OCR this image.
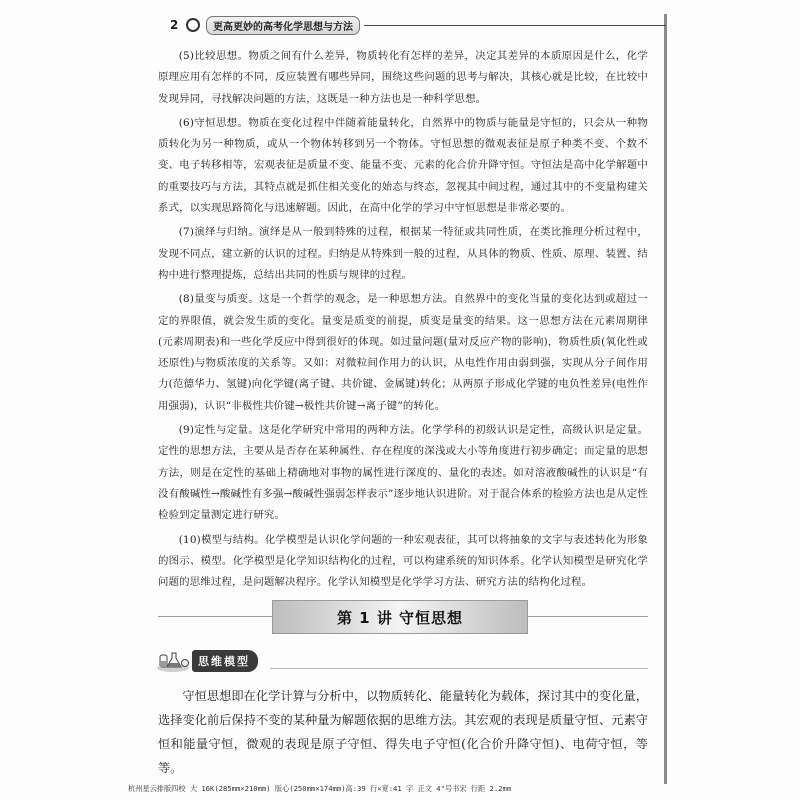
2	更高更妙的高考化学思想与方法

(5)比较思想。物质之间有什么差异，物质转化有怎样的差异，决定其差异的本质原因是什么，化学原理应用有怎样的不同，反应装置有哪些异同，围绕这些问题的思考与解决，其核心就是比较，在比较中发现异同，寻找解决问题的方法，这既是一种方法也是一种科学思想。

(6)守恒思想。物质在变化过程中伴随着能量转化，自然界中的物质与能量是守恒的，只会从一种物质转化为另一种物质，或从一个物体转移到另一个物体。守恒思想的微观表征是原子种类不变、个数不变、电子转移相等，宏观表征是质量不变、能量不变、元素的化合价升降守恒。守恒法是高中化学解题中的重要技巧与方法，其特点就是抓住相关变化的始态与终态，忽视其中间过程，通过其中的不变量构建关系式，以实现思路简化与迅速解题。因此，在高中化学的学习中守恒思想是非常必要的。

(7)演绎与归纳。演绎是从一般到特殊的过程，根据某一特征或共同性质，在类比推理分析过程中，发现不同点，建立新的认识的过程。归纳是从特殊到一般的过程，从具体的物质、性质、原理、装置、结构中进行整理提炼，总结出共同的性质与规律的过程。

(8)量变与质变。这是一个哲学的观念，是一种思想方法。自然界中的变化当量的变化达到或超过一定的界限值，就会发生质的变化。量变是质变的前提，质变是量变的结果。这一思想方法在元素周期律(元素周期表)和一些化学反应中得到很好的体现。如过量问题(量对反应产物的影响)，物质性质(氧化性或还原性)与物质浓度的关系等。又如：对微粒间作用力的认识，从电性作用由弱到强，实现从分子间作用力(范德华力、氢键)向化学键(离子键、共价键、金属键)转化；从两原子形成化学键的电负性差异(电性作用强弱)，认识“非极性共价键→极性共价键→离子键”的转化。

(9)定性与定量。这是化学研究中常用的两种方法。化学学科的初级认识是定性，高级认识是定量。定性的思想方法，主要从是否存在某种属性、存在程度的深浅或大小等角度进行初步确定；而定量的思想方法，则是在定性的基础上精确地对事物的属性进行深度的、量化的表述。如对溶液酸碱性的认识是“有没有酸碱性→酸碱性有多强→酸碱性强弱怎样表示”逐步地认识进阶。对于混合体系的检验方法也是从定性检验到定量测定进行研究。

(10)模型与结构。化学模型是认识化学问题的一种宏观表征，其可以将抽象的文字与表述转化为形象的图示、模型。化学模型是化学知识结构化的过程，可以构建系统的知识体系。化学认知模型是研究化学问题的思维过程，是问题解决程序。化学认知模型是化学学习方法、研究方法的结构化过程。

第 1 讲 守恒思想
思维模型

守恒思想即在化学计算与分析中，以物质转化、能量转化为载体，探讨其中的变化量，选择变化前后保持不变的某种量为解题依据的思维方法。其宏观的表现是质量守恒、元素守恒和能量守恒，微观的表现是原子守恒、得失电子守恒(化合价升降守恒)、电荷守恒，等等。

杭州星云排版四校 大 16K(285mm×210mm) 版心(250mm×174mm)高:39 行×宽:41 字 正文 4"号书宋 行距 2.2mm
